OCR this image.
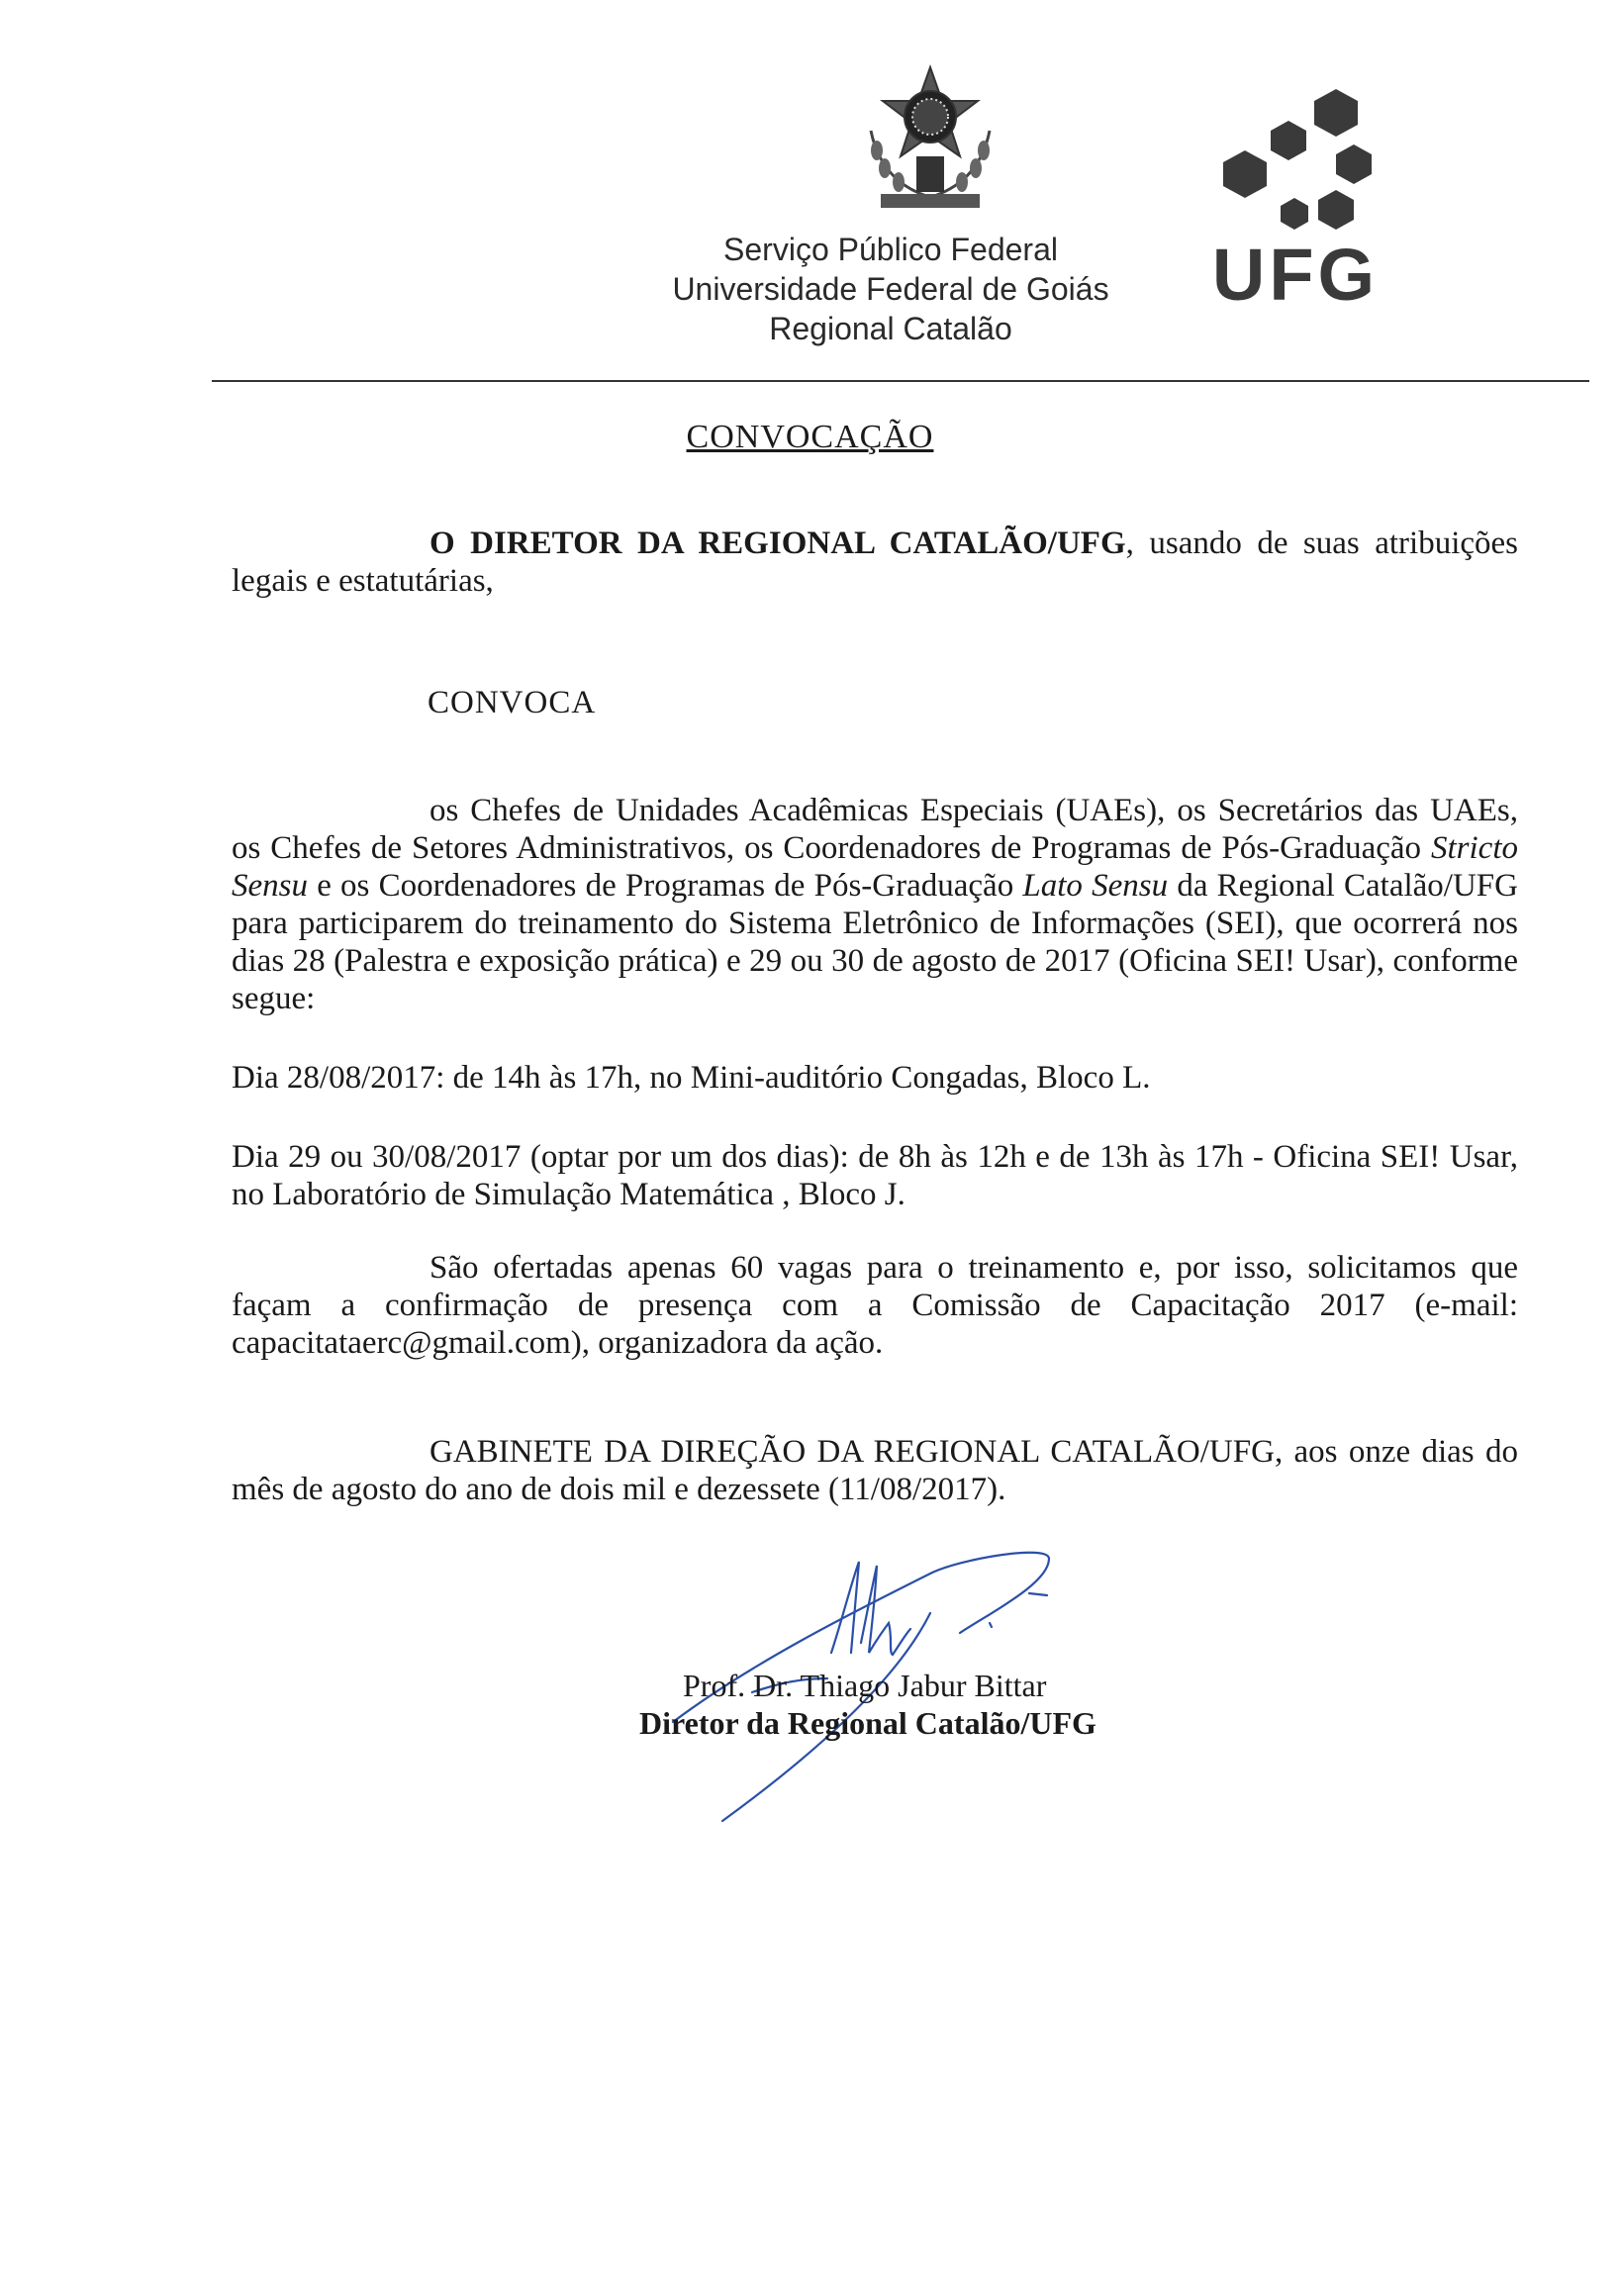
Serviço Público Federal
Universidade Federal de Goiás
Regional Catalão
UFG
CONVOCAÇÃO
O DIRETOR DA REGIONAL CATALÃO/UFG, usando de suas atribuições legais e estatutárias,
CONVOCA
os Chefes de Unidades Acadêmicas Especiais (UAEs), os Secretários das UAEs, os Chefes de Setores Administrativos, os Coordenadores de Programas de Pós-Graduação Stricto Sensu e os Coordenadores de Programas de Pós-Graduação Lato Sensu da Regional Catalão/UFG para participarem do treinamento do Sistema Eletrônico de Informações (SEI), que ocorrerá nos dias 28 (Palestra e exposição prática) e 29 ou 30 de agosto de 2017 (Oficina SEI! Usar), conforme segue:
Dia 28/08/2017: de 14h às 17h, no Mini-auditório Congadas, Bloco L.
Dia 29 ou 30/08/2017 (optar por um dos dias): de 8h às 12h e de 13h às 17h - Oficina SEI! Usar, no Laboratório de Simulação Matemática , Bloco J.
São ofertadas apenas 60 vagas para o treinamento e, por isso, solicitamos que façam a confirmação de presença com a Comissão de Capacitação 2017 (e-mail: capacitataerc@gmail.com), organizadora da ação.
GABINETE DA DIREÇÃO DA REGIONAL CATALÃO/UFG, aos onze dias do mês de agosto do ano de dois mil e dezessete (11/08/2017).
Prof. Dr. Thiago Jabur Bittar
Diretor da Regional Catalão/UFG
